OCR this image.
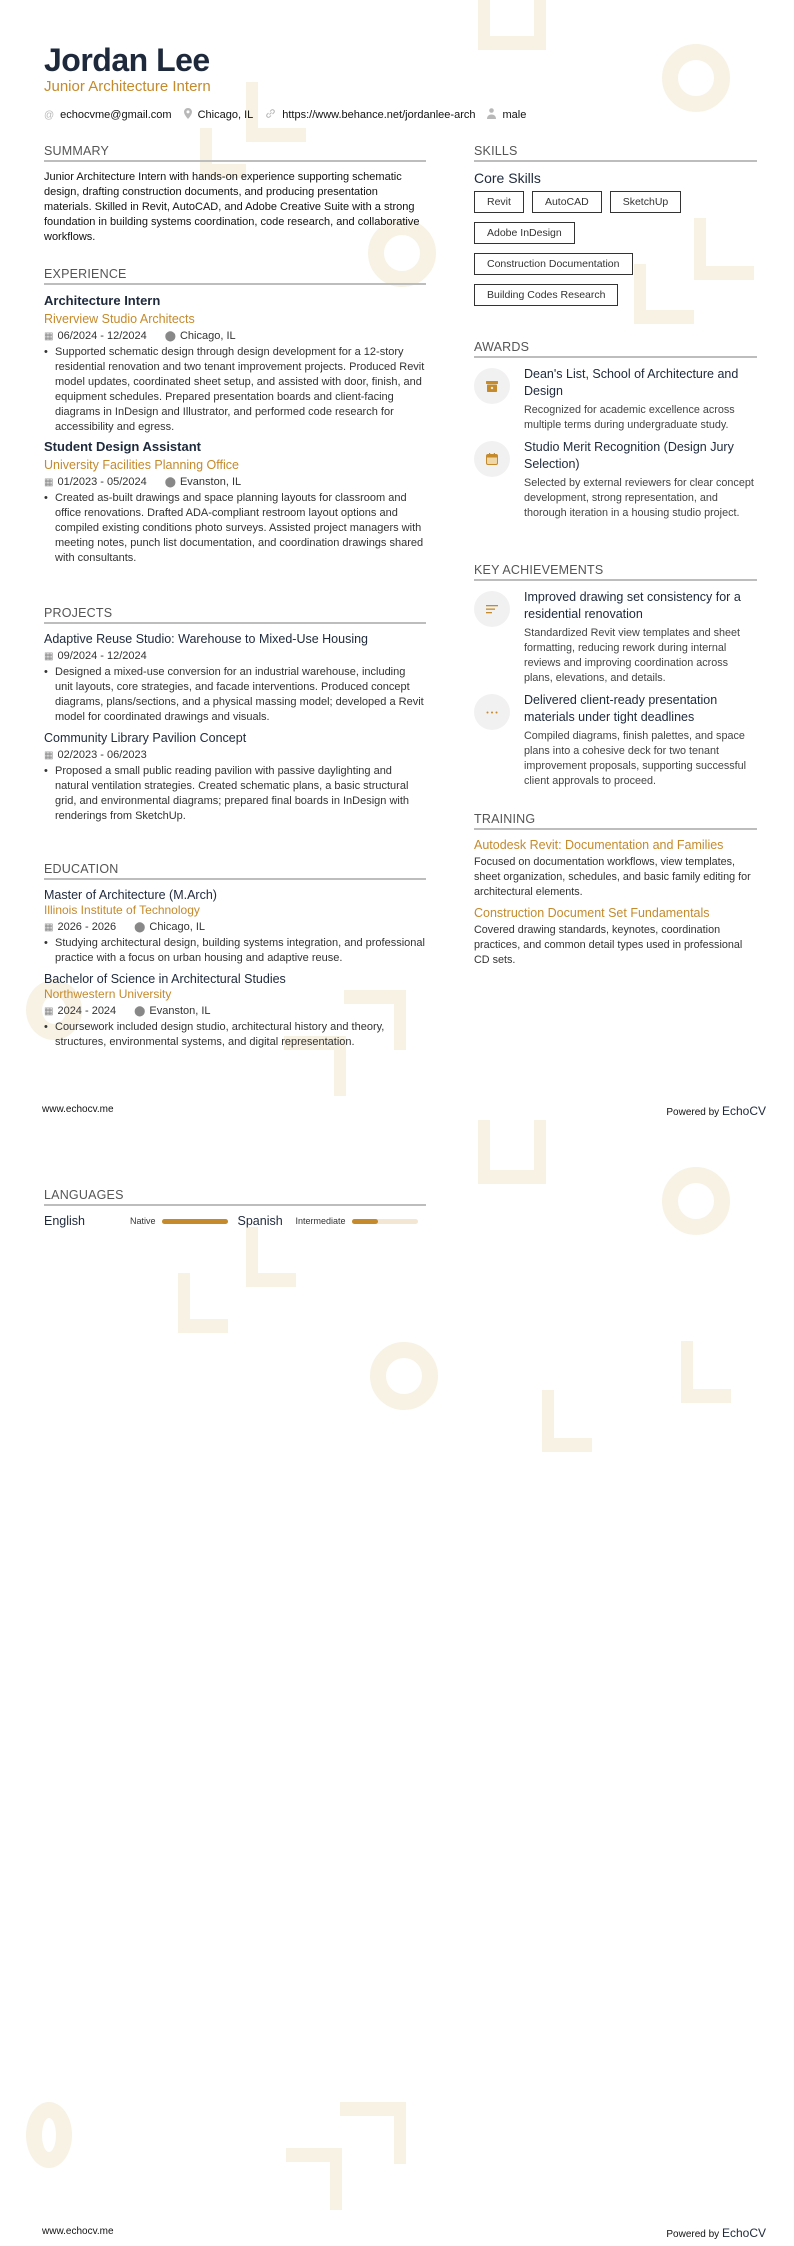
Jordan Lee
Junior Architecture Intern
@ echocvme@gmail.com Chicago, IL	https://www.behance.net/jordanlee-arch male
SUMMARY
Junior Architecture Intern with hands-on experience supporting schematic design, drafting construction documents, and producing presentation materials. Skilled in Revit, AutoCAD, and Adobe Creative Suite with a strong foundation in building systems coordination, code research, and collaborative workflows.
EXPERIENCE
Architecture Intern
Riverview Studio Architects
▦ 06/2024 - 12/2024 ⬤ Chicago, IL
• Supported schematic design through design development for a 12-story residential renovation and two tenant improvement projects. Produced Revit model updates, coordinated sheet setup, and assisted with door, finish, and equipment schedules. Prepared presentation boards and client-facing diagrams in InDesign and Illustrator, and performed code research for accessibility and egress.
Student Design Assistant
University Facilities Planning Office
▦ 01/2023 - 05/2024 ⬤ Evanston, IL
• Created as-built drawings and space planning layouts for classroom and office renovations. Drafted ADA-compliant restroom layout options and compiled existing conditions photo surveys. Assisted project managers with meeting notes, punch list documentation, and coordination drawings shared with consultants.
PROJECTS
Adaptive Reuse Studio: Warehouse to Mixed-Use Housing
▦ 09/2024 - 12/2024
• Designed a mixed-use conversion for an industrial warehouse, including unit layouts, core strategies, and facade interventions. Produced concept diagrams, plans/sections, and a physical massing model; developed a Revit model for coordinated drawings and visuals.
Community Library Pavilion Concept
▦ 02/2023 - 06/2023
• Proposed a small public reading pavilion with passive daylighting and natural ventilation strategies. Created schematic plans, a basic structural grid, and environmental diagrams; prepared final boards in InDesign with renderings from SketchUp.
EDUCATION
Master of Architecture (M.Arch)
Illinois Institute of Technology
▦ 2026 - 2026 ⬤ Chicago, IL
• Studying architectural design, building systems integration, and professional practice with a focus on urban housing and adaptive reuse.
Bachelor of Science in Architectural Studies
Northwestern University
▦ 2024 - 2024 ⬤ Evanston, IL
• Coursework included design studio, architectural history and theory, structures, environmental systems, and digital representation.
SKILLS
Core Skills
Revit	AutoCAD	SketchUp
Adobe InDesign
Construction Documentation
Building Codes Research
AWARDS
Dean's List, School of Architecture and Design
Recognized for academic excellence across multiple terms during undergraduate study.
Studio Merit Recognition (Design Jury Selection)
Selected by external reviewers for clear concept development, strong representation, and thorough iteration in a housing studio project.
KEY ACHIEVEMENTS
Improved drawing set consistency for a residential renovation
Standardized Revit view templates and sheet formatting, reducing rework during internal reviews and improving coordination across plans, elevations, and details.
Delivered client-ready presentation materials under tight deadlines
Compiled diagrams, finish palettes, and space plans into a cohesive deck for two tenant improvement proposals, supporting successful client approvals to proceed.
TRAINING
Autodesk Revit: Documentation and Families
Focused on documentation workflows, view templates, sheet organization, schedules, and basic family editing for architectural elements.
Construction Document Set Fundamentals
Covered drawing standards, keynotes, coordination practices, and common detail types used in professional CD sets.
www.echocv.me	Powered by EchoCV
LANGUAGES
English	Native	Spanish	Intermediate
www.echocv.me	Powered by EchoCV
